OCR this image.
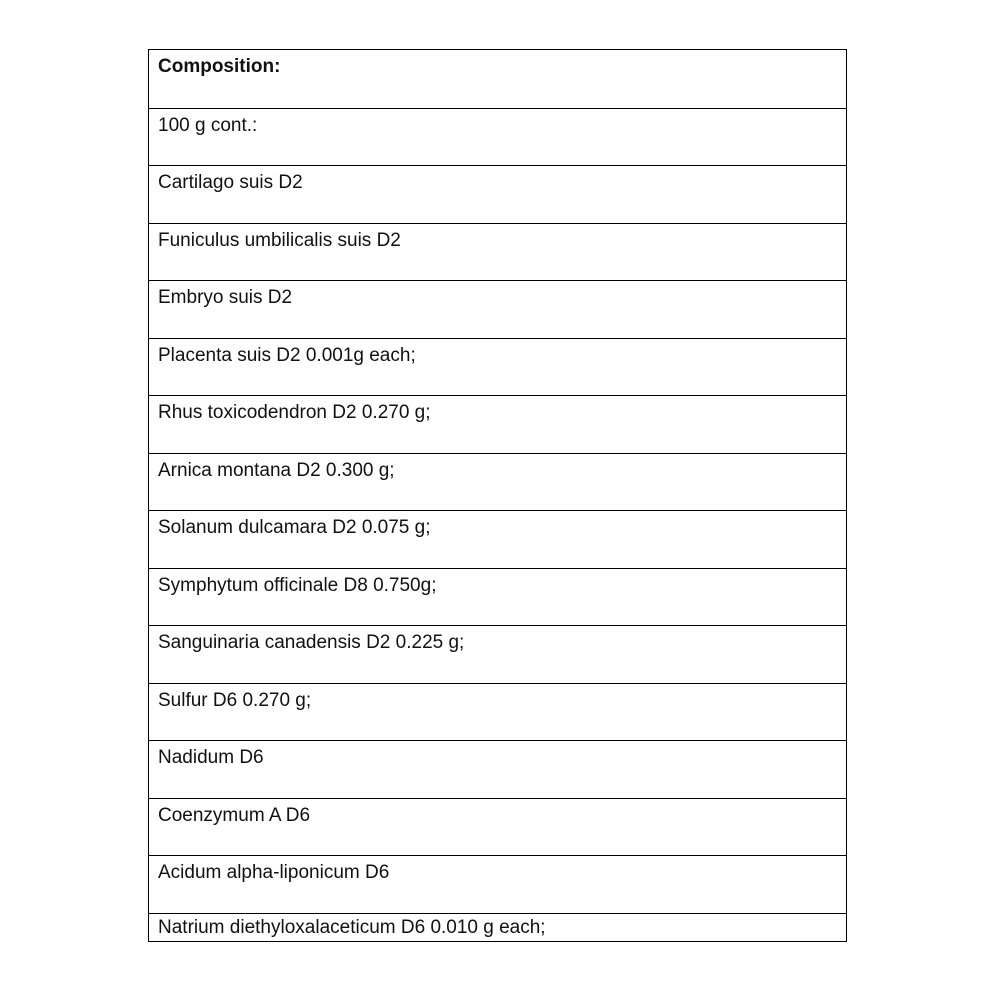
Composition:
100 g cont.:
Cartilago suis D2
Funiculus umbilicalis suis D2
Embryo suis D2
Placenta suis D2 0.001g each;
Rhus toxicodendron D2 0.270 g;
Arnica montana D2 0.300 g;
Solanum dulcamara D2 0.075 g;
Symphytum officinale D8 0.750g;
Sanguinaria canadensis D2 0.225 g;
Sulfur D6 0.270 g;
Nadidum D6
Coenzymum A D6
Acidum alpha-liponicum D6
Natrium diethyloxalaceticum D6 0.010 g each;
